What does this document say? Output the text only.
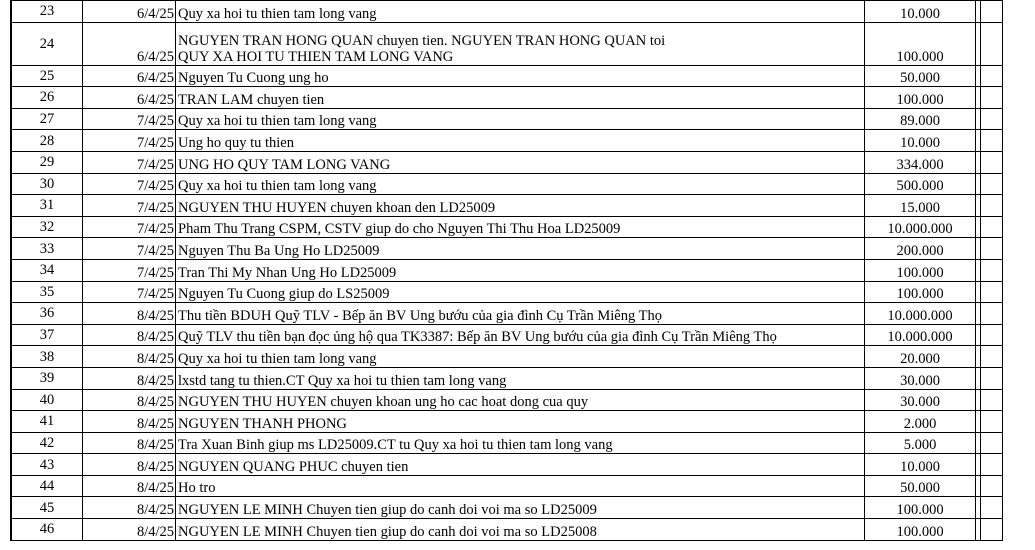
23	6/4/25	Quy xa hoi tu thien tam long vang	10.000	
24	6/4/25	NGUYEN TRAN HONG QUAN chuyen tien. NGUYEN TRAN HONG QUAN toi
QUY XA HOI TU THIEN TAM LONG VANG	100.000	
25	6/4/25	Nguyen Tu Cuong ung ho	50.000	
26	6/4/25	TRAN LAM chuyen tien	100.000	
27	7/4/25	Quy xa hoi tu thien tam long vang	89.000	
28	7/4/25	Ung ho quy tu thien	10.000	
29	7/4/25	UNG HO QUY TAM LONG VANG	334.000	
30	7/4/25	Quy xa hoi tu thien tam long vang	500.000	
31	7/4/25	NGUYEN THU HUYEN chuyen khoan den LD25009	15.000	
32	7/4/25	Pham Thu Trang CSPM, CSTV giup do cho Nguyen Thi Thu Hoa LD25009	10.000.000	
33	7/4/25	Nguyen Thu Ba Ung Ho LD25009	200.000	
34	7/4/25	Tran Thi My Nhan Ung Ho LD25009	100.000	
35	7/4/25	Nguyen Tu Cuong giup do LS25009	100.000	
36	8/4/25	Thu tiền BDUH Quỹ TLV - Bếp ăn BV Ung bướu của gia đình Cụ Trần Miêng Thọ	10.000.000	
37	8/4/25	Quỹ TLV thu tiền bạn đọc ủng hộ qua TK3387: Bếp ăn BV Ung bướu của gia đình Cụ Trần Miêng Thọ	10.000.000	
38	8/4/25	Quy xa hoi tu thien tam long vang	20.000	
39	8/4/25	lxstd tang tu thien.CT Quy xa hoi tu thien tam long vang	30.000	
40	8/4/25	NGUYEN THU HUYEN chuyen khoan ung ho cac hoat dong cua quy	30.000	
41	8/4/25	NGUYEN THANH PHONG	2.000	
42	8/4/25	Tra Xuan Binh giup ms LD25009.CT tu Quy xa hoi tu thien tam long vang	5.000	
43	8/4/25	NGUYEN QUANG PHUC chuyen tien	10.000	
44	8/4/25	Ho tro	50.000	
45	8/4/25	NGUYEN LE MINH Chuyen tien giup do canh doi voi ma so LD25009	100.000	
46	8/4/25	NGUYEN LE MINH Chuyen tien giup do canh doi voi ma so LD25008	100.000	
